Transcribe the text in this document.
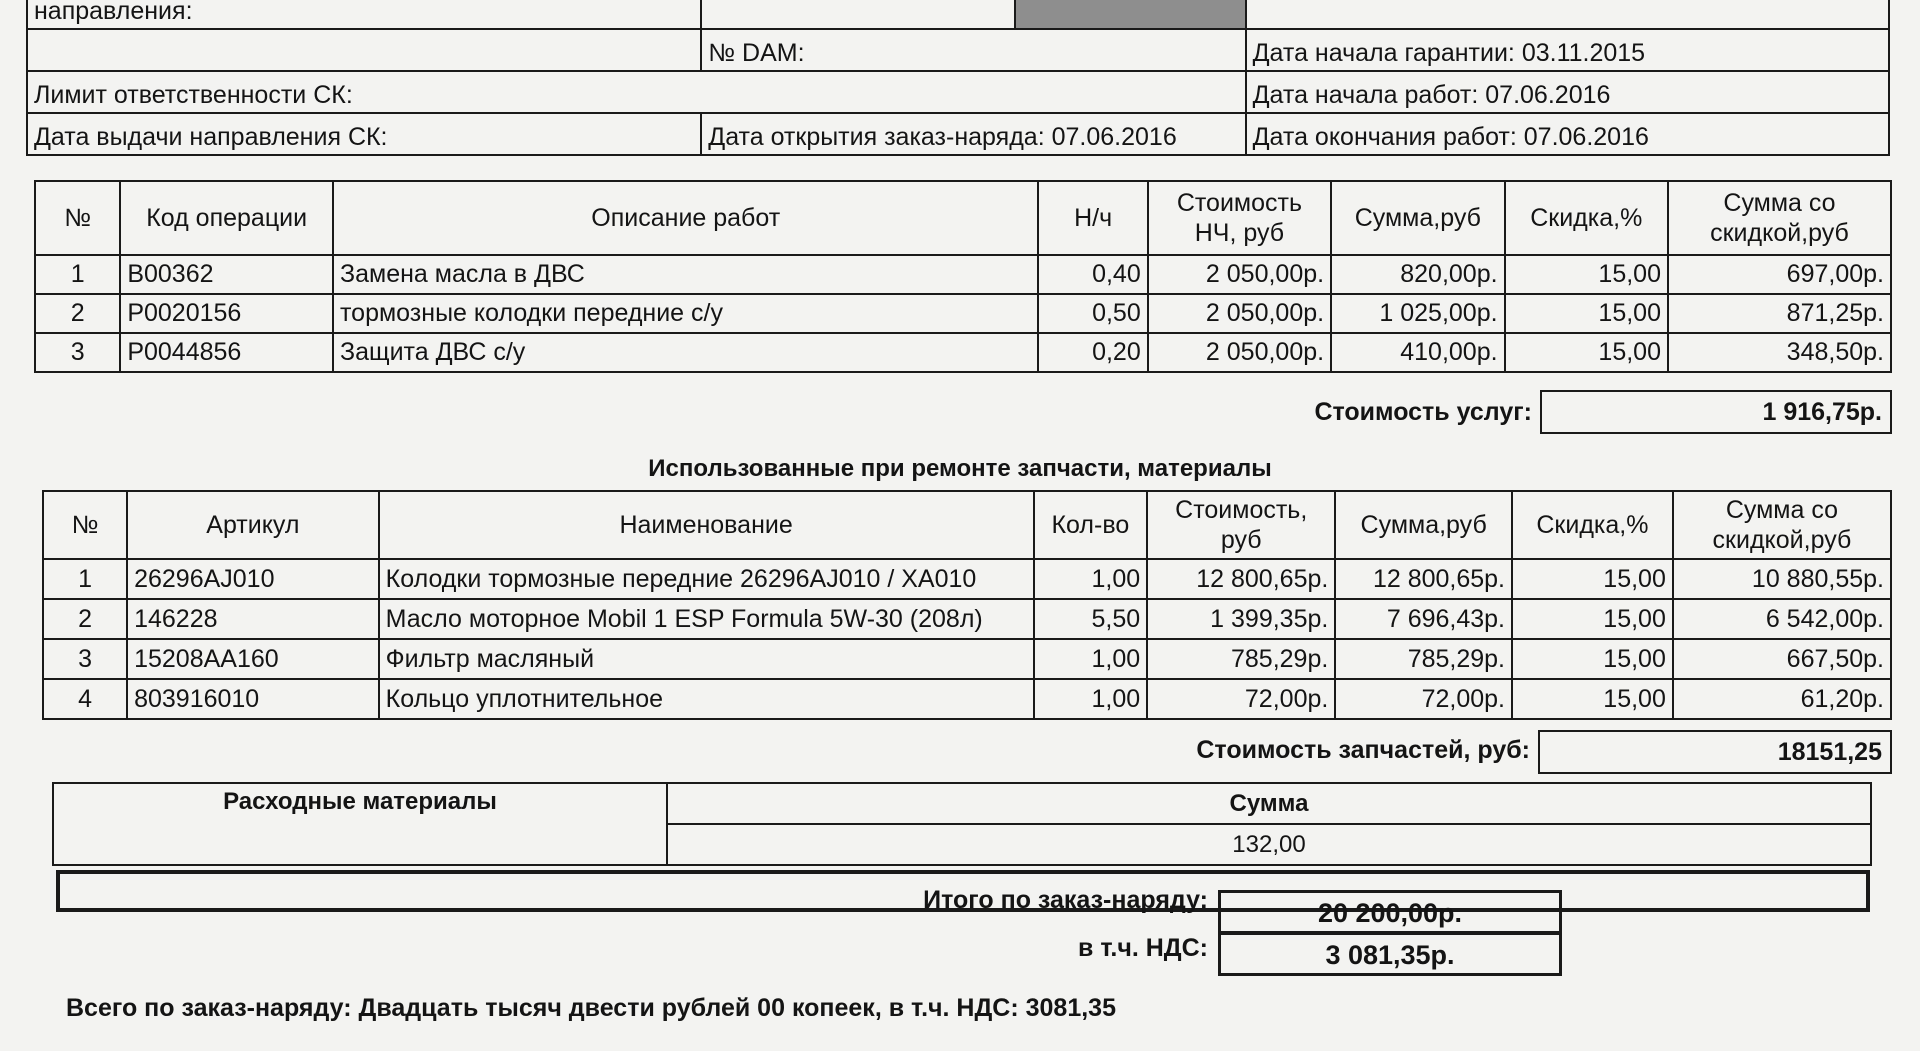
направления:			
	№ DAM:		Дата начала гарантии: 03.11.2015
Лимит ответственности СК:			Дата начала работ: 07.06.2016
Дата выдачи направления СК:	Дата открытия заказ-наряда: 07.06.2016		Дата окончания работ: 07.06.2016
№	Код операции	Описание работ	Н/ч	Стоимость НЧ, руб	Сумма,руб	Скидка,%	Сумма со скидкой,руб
1	B00362	Замена масла в ДВС	0,40	2 050,00р.	820,00р.	15,00	697,00р.
2	P0020156	тормозные колодки передние с/у	0,50	2 050,00р.	1 025,00р.	15,00	871,25р.
3	P0044856	Защита ДВС с/у	0,20	2 050,00р.	410,00р.	15,00	348,50р.
Стоимость услуг:	1 916,75р.
Использованные при ремонте запчасти, материалы
№	Артикул	Наименование	Кол-во	Стоимость, руб	Сумма,руб	Скидка,%	Сумма со скидкой,руб
1	26296AJ010	Колодки тормозные передние 26296AJ010 / XA010	1,00	12 800,65р.	12 800,65р.	15,00	10 880,55р.
2	146228	Масло моторное Mobil 1 ESP Formula 5W-30 (208л)	5,50	1 399,35р.	7 696,43р.	15,00	6 542,00р.
3	15208AA160	Фильтр масляный	1,00	785,29р.	785,29р.	15,00	667,50р.
4	803916010	Кольцо уплотнительное	1,00	72,00р.	72,00р.	15,00	61,20р.
Стоимость запчастей, руб:	18151,25
Расходные материалы	Сумма
132,00
Итого по заказ-наряду:	20 200,00р.
в т.ч. НДС:	3 081,35р.
Всего по заказ-наряду: Двадцать тысяч двести рублей 00 копеек, в т.ч. НДС: 3081,35
